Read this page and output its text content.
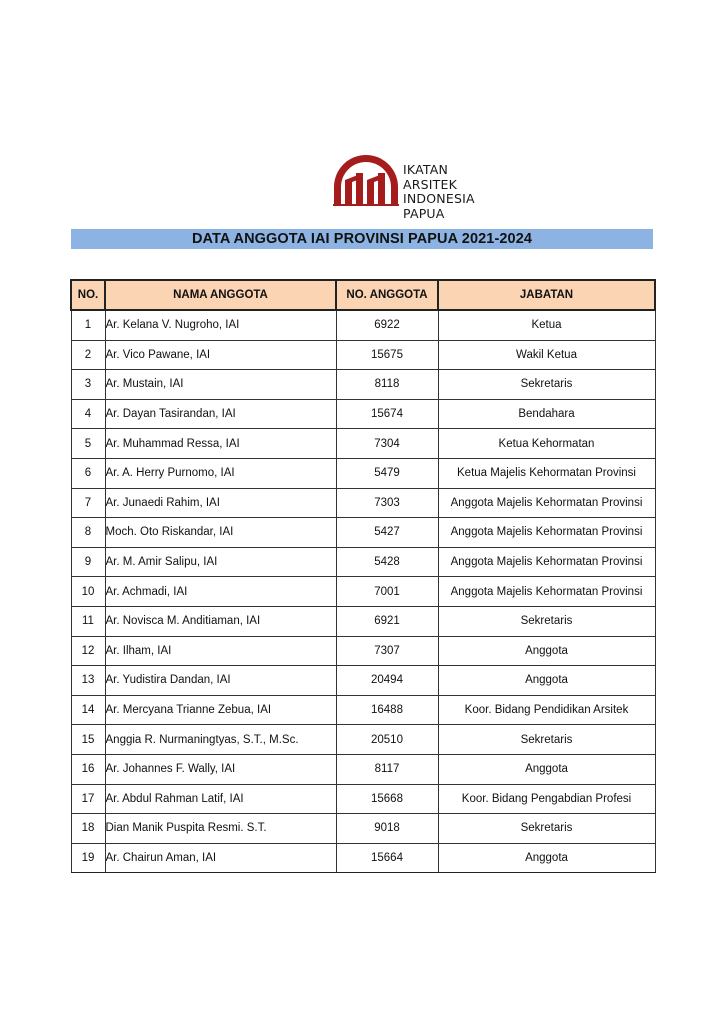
IKATAN
ARSITEK
INDONESIA
PAPUA
DATA ANGGOTA IAI PROVINSI PAPUA 2021-2024
NO.	NAMA ANGGOTA	NO. ANGGOTA	JABATAN
1	Ar. Kelana V. Nugroho, IAI	6922	Ketua
2	Ar. Vico Pawane, IAI	15675	Wakil Ketua
3	Ar. Mustain, IAI	8118	Sekretaris
4	Ar. Dayan Tasirandan, IAI	15674	Bendahara
5	Ar. Muhammad Ressa, IAI	7304	Ketua Kehormatan
6	Ar. A. Herry Purnomo, IAI	5479	Ketua Majelis Kehormatan Provinsi
7	Ar. Junaedi Rahim, IAI	7303	Anggota Majelis Kehormatan Provinsi
8	Moch. Oto Riskandar, IAI	5427	Anggota Majelis Kehormatan Provinsi
9	Ar. M. Amir Salipu, IAI	5428	Anggota Majelis Kehormatan Provinsi
10	Ar. Achmadi, IAI	7001	Anggota Majelis Kehormatan Provinsi
11	Ar. Novisca M. Anditiaman, IAI	6921	Sekretaris
12	Ar. Ilham, IAI	7307	Anggota
13	Ar. Yudistira Dandan, IAI	20494	Anggota
14	Ar. Mercyana Trianne Zebua, IAI	16488	Koor. Bidang Pendidikan Arsitek
15	Anggia R. Nurmaningtyas, S.T., M.Sc.	20510	Sekretaris
16	Ar. Johannes F. Wally, IAI	8117	Anggota
17	Ar. Abdul Rahman Latif, IAI	15668	Koor. Bidang Pengabdian Profesi
18	Dian Manik Puspita Resmi. S.T.	9018	Sekretaris
19	Ar. Chairun Aman, IAI	15664	Anggota
